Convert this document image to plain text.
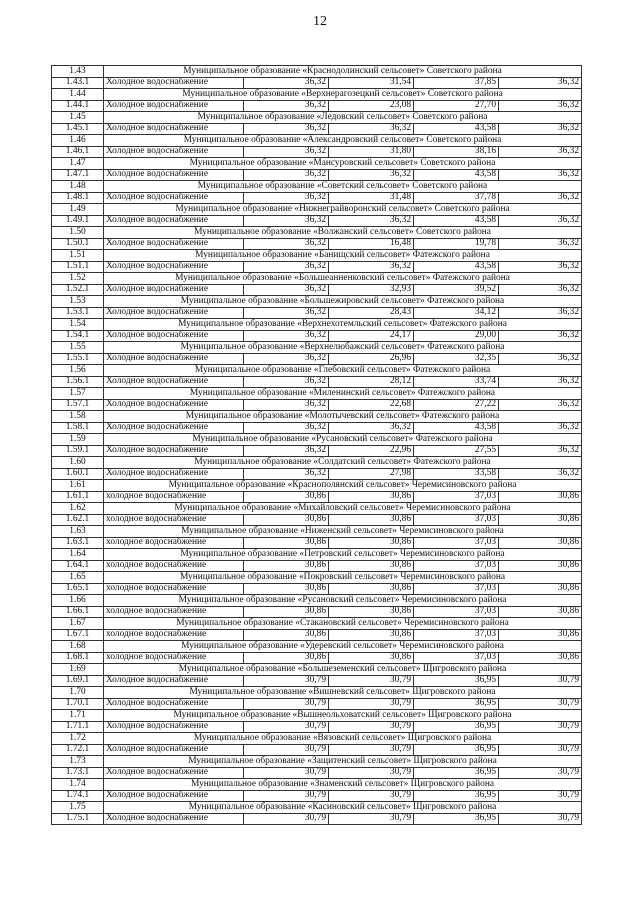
12
1.43	Муниципальное образование «Краснодолинский сельсовет» Советского района				
1.43.1	Холодное водоснабжение	36,32	31,54	37,85	36,32
1.44	Муниципальное образование «Верхнерагозецкий сельсовет» Советского района				
1.44.1	Холодное водоснабжение	36,32	23,08	27,70	36,32
1.45	Муниципальное образование «Ледовский сельсовет» Советского района				
1.45.1	Холодное водоснабжение	36,32	36,32	43,58	36,32
1.46	Муниципальное образование «Александровский сельсовет» Советского района				
1.46.1	Холодное водоснабжение	36,32	31,80	38,16	36,32
1.47	Муниципальное образование «Мансуровский сельсовет» Советского района				
1.47.1	Холодное водоснабжение	36,32	36,32	43,58	36,32
1.48	Муниципальное образование «Советский сельсовет» Советского района				
1.48.1	Холодное водоснабжение	36,32	31,48	37,78	36,32
1.49	Муниципальное образование «Нижнеграйворонский сельсовет» Советского района				
1.49.1	Холодное водоснабжение	36,32	36,32	43,58	36,32
1.50	Муниципальное образование «Волжанский сельсовет» Советского района				
1.50.1	Холодное водоснабжение	36,32	16,48	19,78	36,32
1.51	Муниципальное образование «Банищский сельсовет» Фатежского района				
1.51.1	Холодное водоснабжение	36,32	36,32	43,58	36,32
1.52	Муниципальное образование «Большеанненковский сельсовет» Фатежского района				
1.52.1	Холодное водоснабжение	36,32	32,93	39,52	36,32
1.53	Муниципальное образование «Большежировский сельсовет» Фатежского района				
1.53.1	Холодное водоснабжение	36,32	28,43	34,12	36,32
1.54	Муниципальное образование «Верхнехотемльский сельсовет» Фатежского района				
1.54.1	Холодное водоснабжение	36,32	24,17	29,00	36,32
1.55	Муниципальное образование «Верхнелюбажский сельсовет» Фатежского района				
1.55.1	Холодное водоснабжение	36,32	26,96	32,35	36,32
1.56	Муниципальное образование «Глебовский сельсовет» Фатежского района				
1.56.1	Холодное водоснабжение	36,32	28,12	33,74	36,32
1.57	Муниципальное образование «Миленинский сельсовет» Фатежского района				
1.57.1	Холодное водоснабжение	36,32	22,68	27,22	36,32
1.58	Муниципальное образование «Молотычевский сельсовет» Фатежского района				
1.58.1	Холодное водоснабжение	36,32	36,32	43,58	36,32
1.59	Муниципальное образование «Русановский сельсовет» Фатежского района				
1.59.1	Холодное водоснабжение	36,32	22,96	27,55	36,32
1.60	Муниципальное образование «Солдатский сельсовет» Фатежского района				
1.60.1	Холодное водоснабжение	36,32	27,98	33,58	36,32
1.61	Муниципальное образование «Краснополянский сельсовет» Черемисиновского района				
1.61.1	холодное водоснабжение	30,86	30,86	37,03	30,86
1.62	Муниципальное образование «Михайловский сельсовет» Черемисиновского района				
1.62.1	холодное водоснабжение	30,86	30,86	37,03	30,86
1.63	Муниципальное образование «Ниженский сельсовет» Черемисиновского района				
1.63.1	холодное водоснабжение	30,86	30,86	37,03	30,86
1.64	Муниципальное образование «Петровский сельсовет» Черемисиновского района				
1.64.1	холодное водоснабжение	30,86	30,86	37,03	30,86
1.65	Муниципальное образование «Покровский сельсовет» Черемисиновского района				
1.65.1	холодное водоснабжение	30,86	30,86	37,03	30,86
1.66	Муниципальное образование «Русановский сельсовет» Черемисиновского района				
1.66.1	холодное водоснабжение	30,86	30,86	37,03	30,86
1.67	Муниципальное образование «Стакановский сельсовет» Черемисиновского района				
1.67.1	холодное водоснабжение	30,86	30,86	37,03	30,86
1.68	Муниципальное образование «Удеревский сельсовет» Черемисиновского района				
1.68.1	холодное водоснабжение	30,86	30,86	37,03	30,86
1.69	Муниципальное образование «Большеземенский сельсовет» Щигровского района				
1.69.1	Холодное водоснабжение	30,79	30,79	36,95	30,79
1.70	Муниципальное образование «Вишневский сельсовет» Щигровского района				
1.70.1	Холодное водоснабжение	30,79	30,79	36,95	30,79
1.71	Муниципальное образование «Вышнеольховатский сельсовет» Щигровского района				
1.71.1	Холодное водоснабжение	30,79	30,79	36,95	30,79
1.72	Муниципальное образование «Вязовский сельсовет» Щигровского района				
1.72.1	Холодное водоснабжение	30,79	30,79	36,95	30,79
1.73	Муниципальное образование «Защитенский сельсовет» Щигровского района				
1.73.1	Холодное водоснабжение	30,79	30,79	36,95	30,79
1.74	Муниципальное образование «Знаменский сельсовет» Щигровского района				
1.74.1	Холодное водоснабжение	30,79	30,79	36,95	30,79
1.75	Муниципальное образование «Касиновский сельсовет» Щигровского района				
1.75.1	Холодное водоснабжение	30,79	30,79	36,95	30,79
